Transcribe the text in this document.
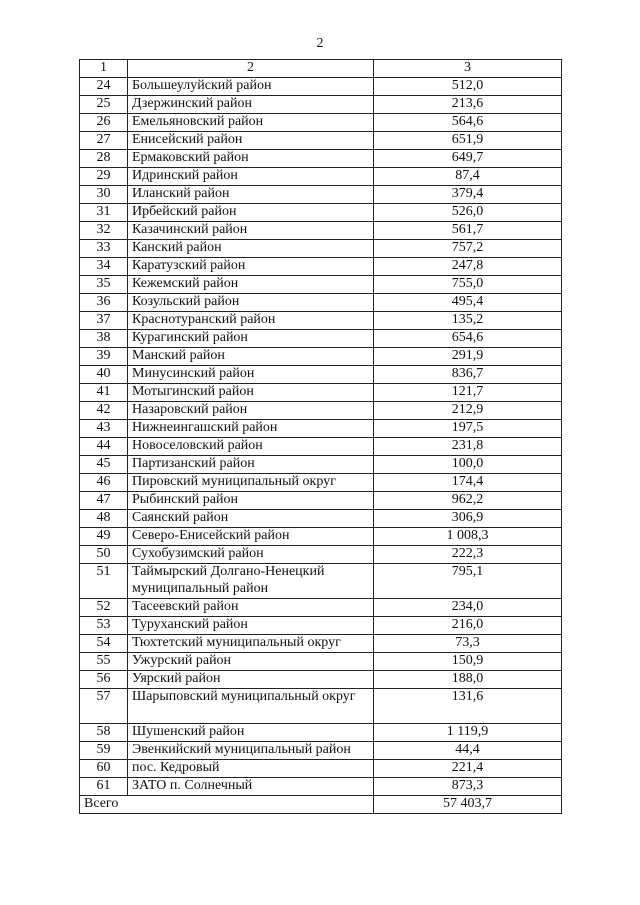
2
1	2	3
24	Большеулуйский район	512,0
25	Дзержинский район	213,6
26	Емельяновский район	564,6
27	Енисейский район	651,9
28	Ермаковский район	649,7
29	Идринский район	87,4
30	Иланский район	379,4
31	Ирбейский район	526,0
32	Казачинский район	561,7
33	Канский район	757,2
34	Каратузский район	247,8
35	Кежемский район	755,0
36	Козульский район	495,4
37	Краснотуранский район	135,2
38	Курагинский район	654,6
39	Манский район	291,9
40	Минусинский район	836,7
41	Мотыгинский район	121,7
42	Назаровский район	212,9
43	Нижнеингашский район	197,5
44	Новоселовский район	231,8
45	Партизанский район	100,0
46	Пировский муниципальный округ	174,4
47	Рыбинский район	962,2
48	Саянский район	306,9
49	Северо-Енисейский район	1 008,3
50	Сухобузимский район	222,3
51	Таймырский Долгано-Ненецкий муниципальный район	795,1
52	Тасеевский район	234,0
53	Туруханский район	216,0
54	Тюхтетский муниципальный округ	73,3
55	Ужурский район	150,9
56	Уярский район	188,0
57	Шарыповский муниципальный округ	131,6
58	Шушенский район	1 119,9
59	Эвенкийский муниципальный район	44,4
60	пос. Кедровый	221,4
61	ЗАТО п. Солнечный	873,3
Всего		57 403,7
